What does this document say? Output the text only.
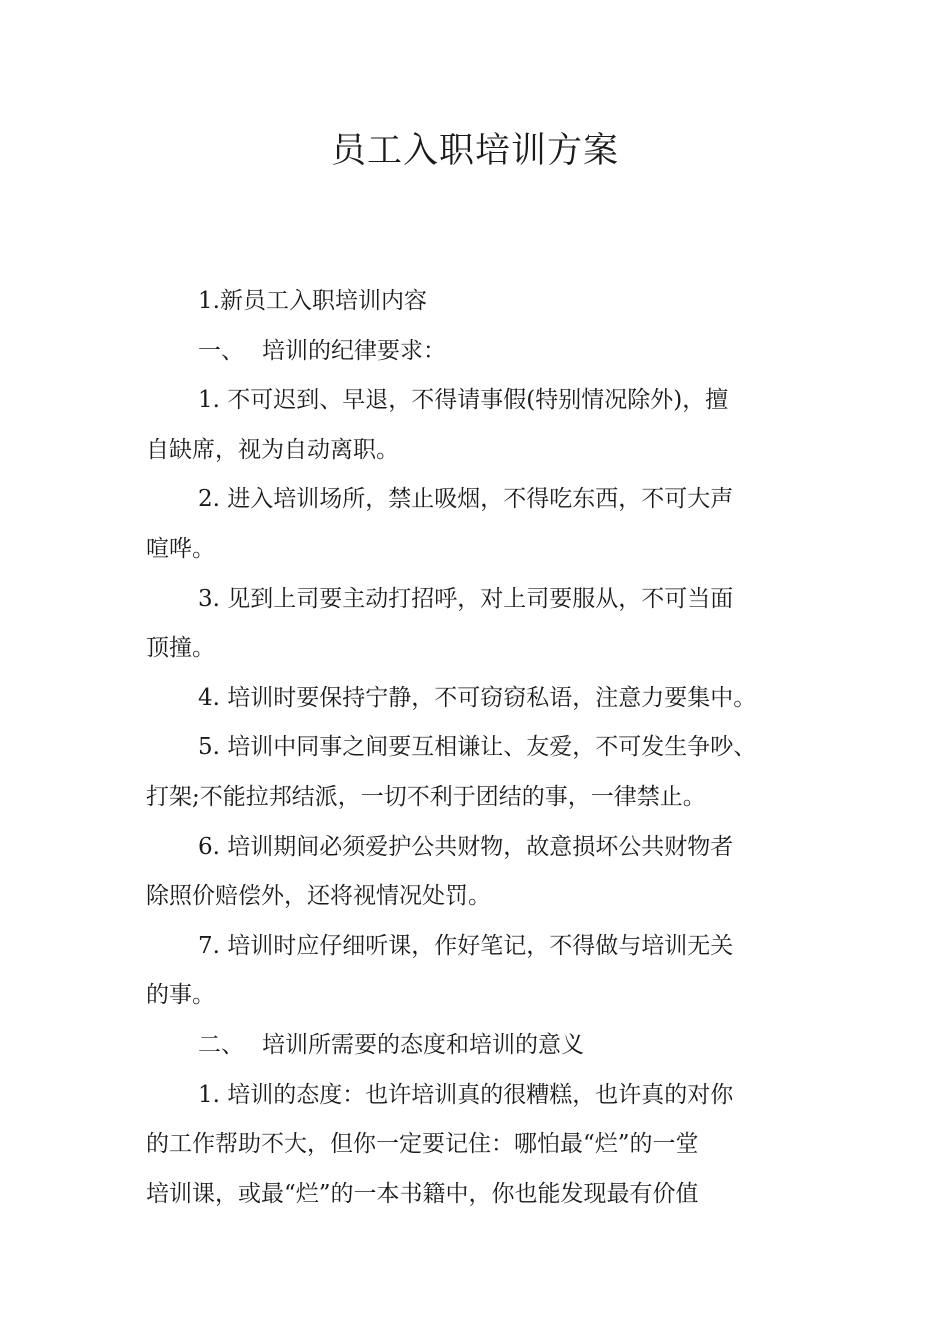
员工入职培训方案
1.新员工入职培训内容
一、 培训的纪律要求：
1. 不可迟到、早退，不得请事假(特别情况除外)，擅
自缺席，视为自动离职。
2. 进入培训场所，禁止吸烟，不得吃东西，不可大声
喧哗。
3. 见到上司要主动打招呼，对上司要服从，不可当面
顶撞。
4. 培训时要保持宁静，不可窃窃私语，注意力要集中。
5. 培训中同事之间要互相谦让、友爱，不可发生争吵、
打架;不能拉邦结派，一切不利于团结的事，一律禁止。
6. 培训期间必须爱护公共财物，故意损坏公共财物者
除照价赔偿外，还将视情况处罚。
7. 培训时应仔细听课，作好笔记，不得做与培训无关
的事。
二、 培训所需要的态度和培训的意义
1. 培训的态度：也许培训真的很糟糕，也许真的对你
的工作帮助不大，但你一定要记住：哪怕最“烂”的一堂
培训课，或最“烂”的一本书籍中，你也能发现最有价值
